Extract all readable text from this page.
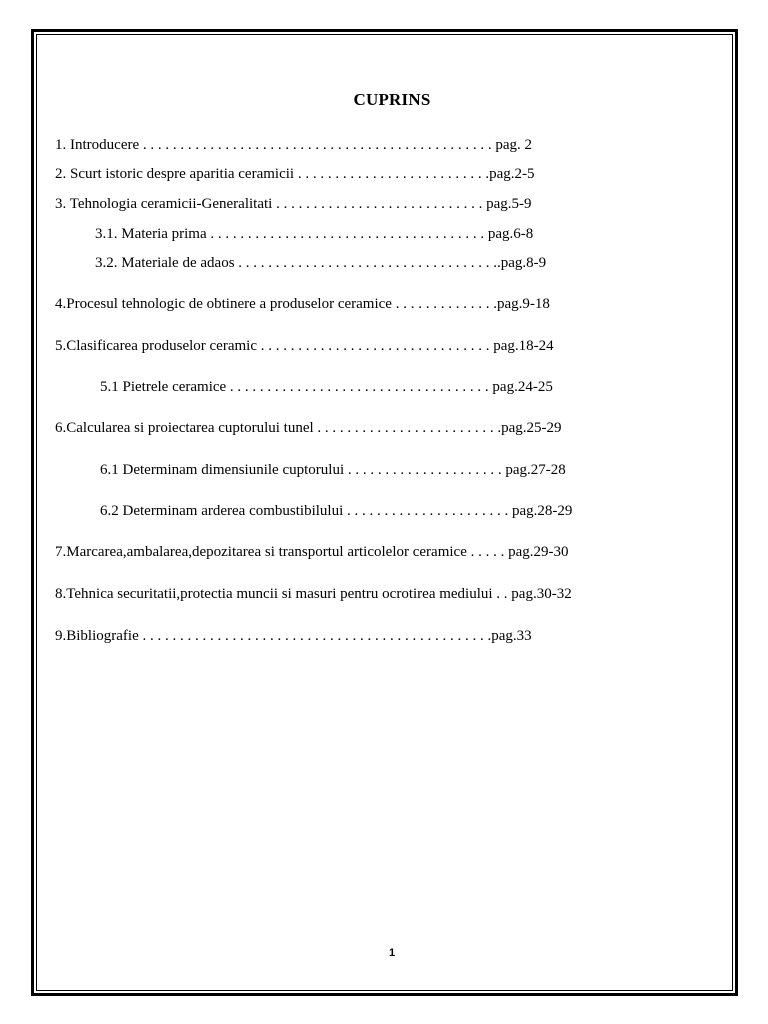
CUPRINS
1. Introducere . . . . . . . . . . . . . . . . . . . . . . . . . . . . . . . . . . . . . . . . . . . . . . . pag. 2
2. Scurt istoric despre aparitia ceramicii . . . . . . . . . . . . . . . . . . . . . . . . . .pag.2-5
3. Tehnologia ceramicii-Generalitati . . . . . . . . . . . . . . . . . . . . . . . . . . . . pag.5-9
3.1. Materia prima . . . . . . . . . . . . . . . . . . . . . . . . . . . . . . . . . . . . . pag.6-8
3.2. Materiale de adaos . . . . . . . . . . . . . . . . . . . . . . . . . . . . . . . . . . ..pag.8-9
4.Procesul tehnologic de obtinere a produselor ceramice . . . . . . . . . . . . . .pag.9-18
5.Clasificarea produselor ceramic . . . . . . . . . . . . . . . . . . . . . . . . . . . . . . . pag.18-24
5.1 Pietrele ceramice . . . . . . . . . . . . . . . . . . . . . . . . . . . . . . . . . . . pag.24-25
6.Calcularea si proiectarea cuptorului tunel . . . . . . . . . . . . . . . . . . . . . . . . .pag.25-29
6.1 Determinam dimensiunile cuptorului . . . . . . . . . . . . . . . . . . . . . pag.27-28
6.2 Determinam arderea combustibilului . . . . . . . . . . . . . . . . . . . . . . pag.28-29
7.Marcarea,ambalarea,depozitarea si transportul articolelor ceramice . . . . . pag.29-30
8.Tehnica securitatii,protectia muncii si masuri pentru ocrotirea mediului . . pag.30-32
9.Bibliografie . . . . . . . . . . . . . . . . . . . . . . . . . . . . . . . . . . . . . . . . . . . . . . .pag.33
1
